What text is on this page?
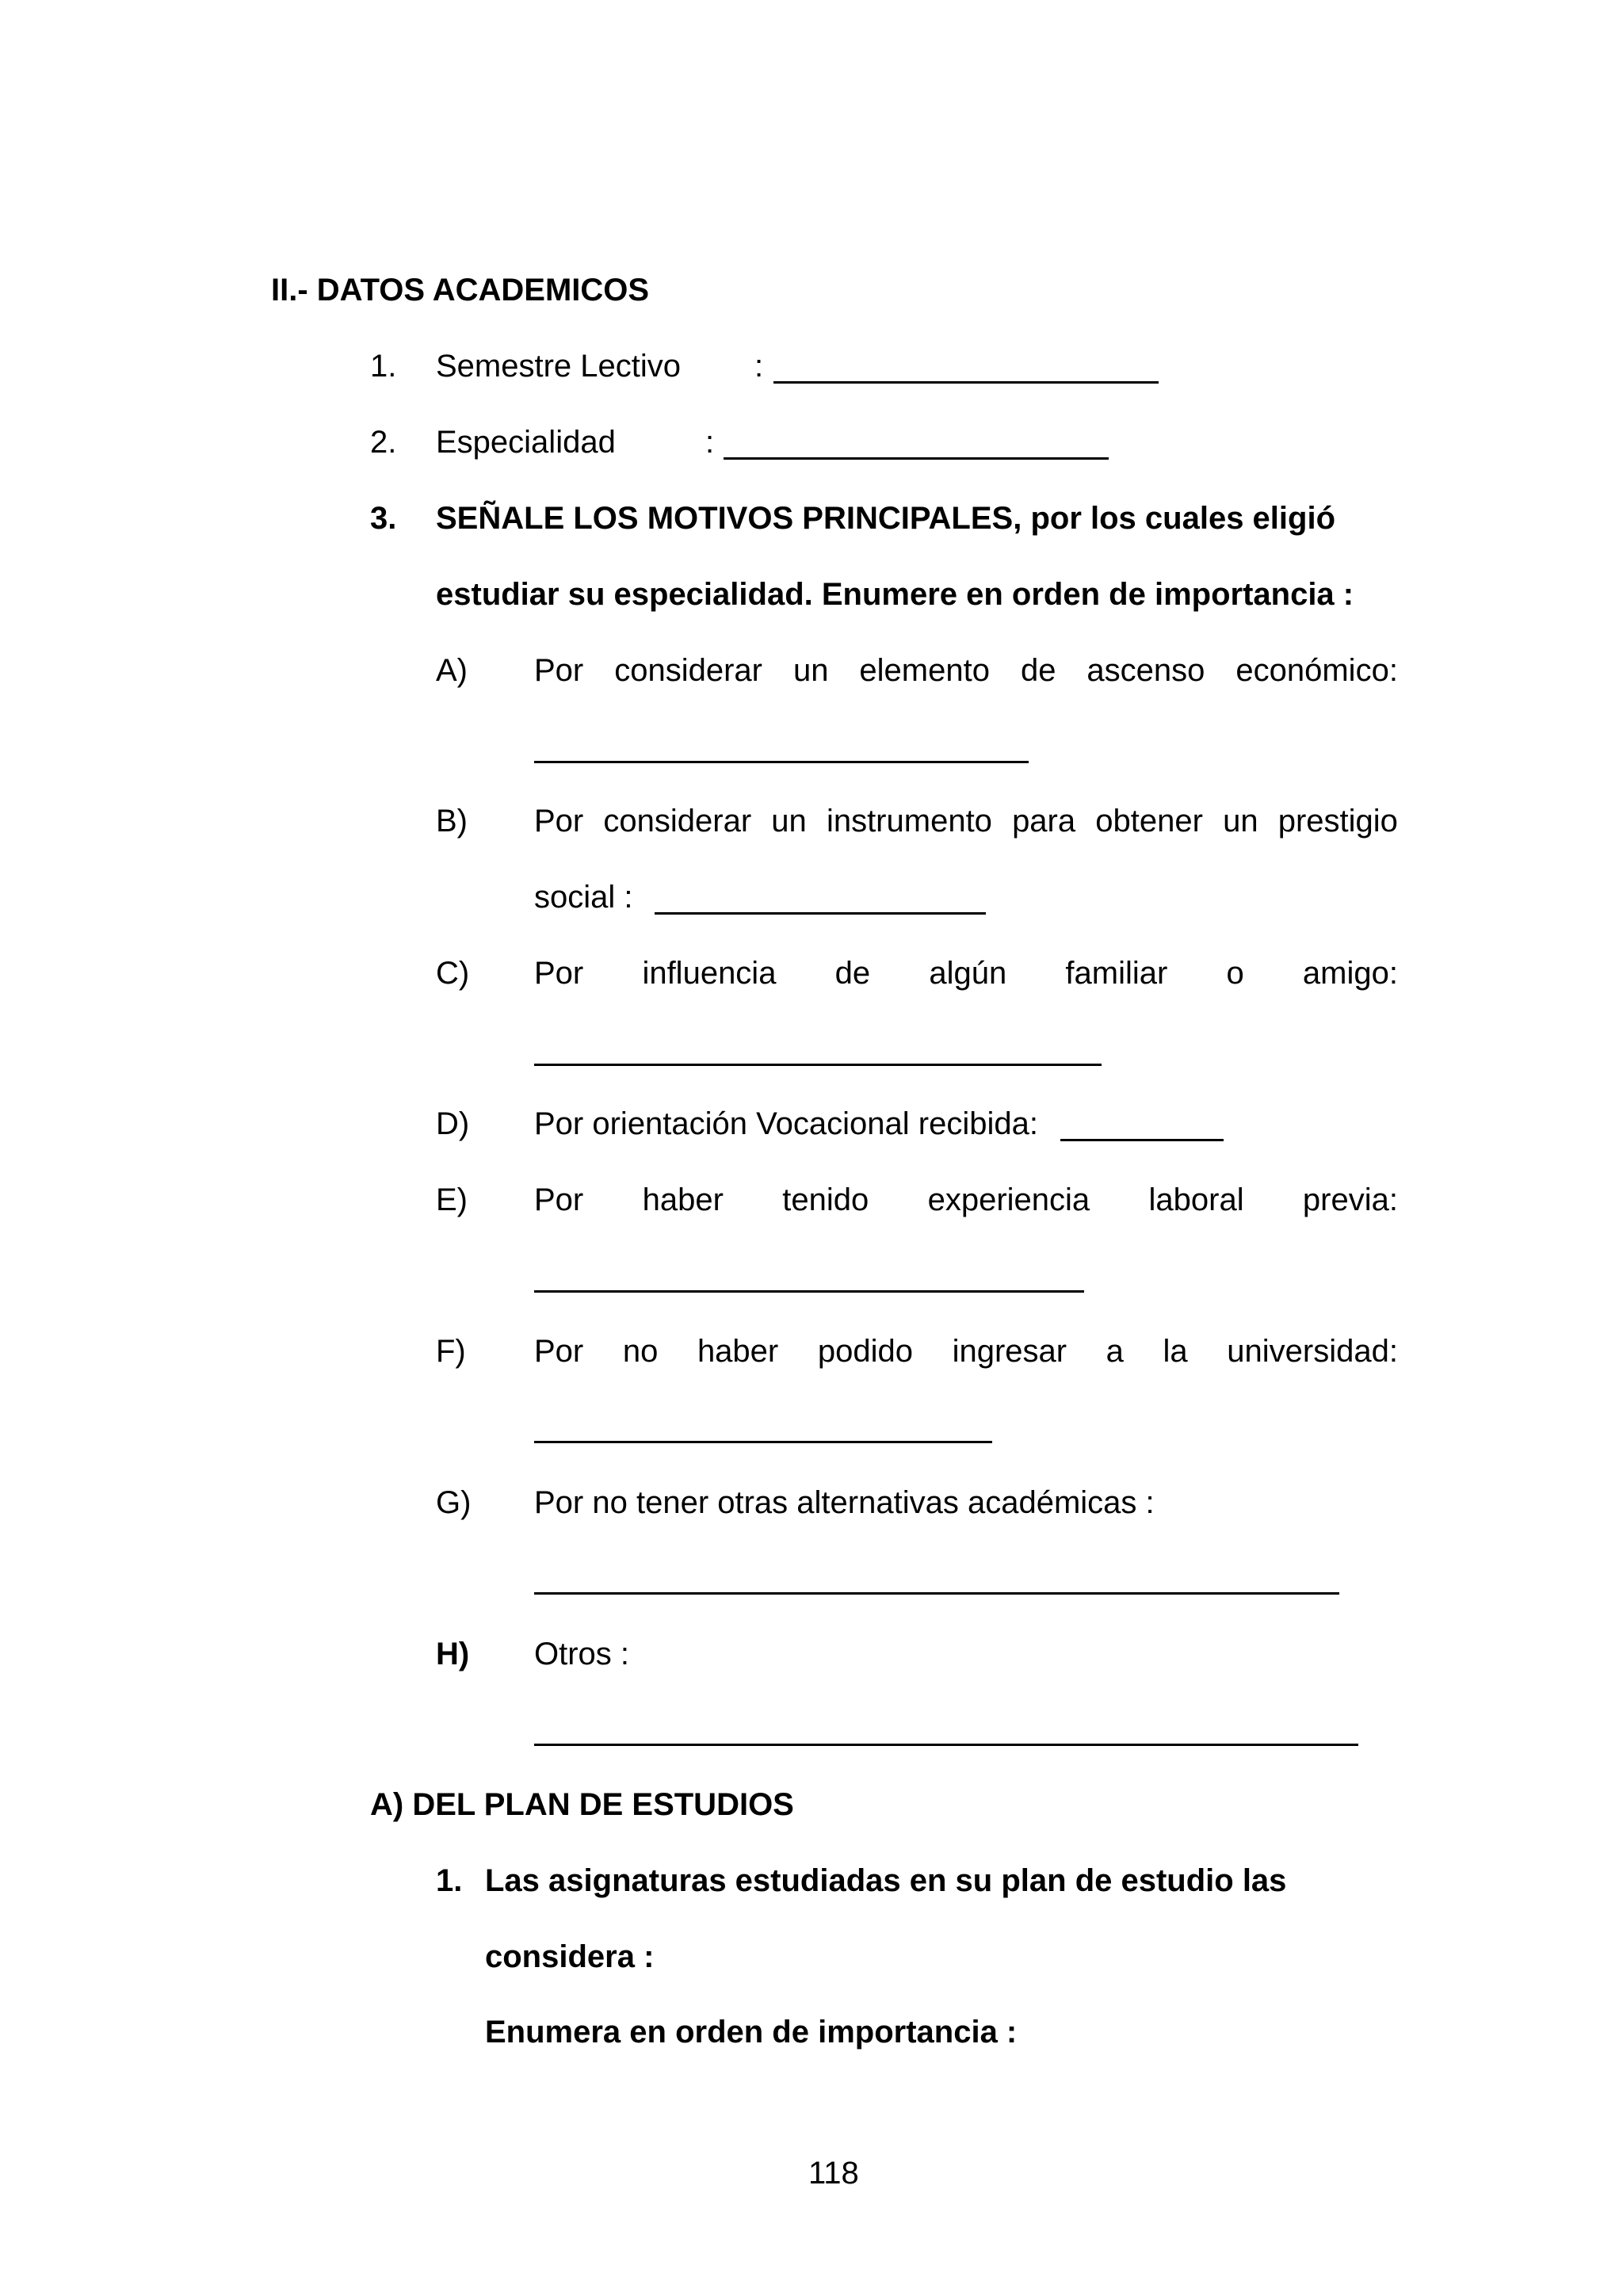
II.- DATOS ACADEMICOS
1. Semestre Lectivo :
2. Especialidad	:
3. SEÑALE LOS MOTIVOS PRINCIPALES, por los cuales eligió
estudiar su especialidad. Enumere en orden de importancia :
A) Por considerar un elemento de ascenso económico:
B) Por considerar un instrumento para obtener un prestigio
social :
C) Por influencia de algún familiar o amigo:
D) Por orientación Vocacional recibida:
E) Por haber tenido experiencia laboral previa:
F) Por no haber podido ingresar a la universidad:
G) Por no tener otras alternativas académicas :
H) Otros :
A) DEL PLAN DE ESTUDIOS
1. Las asignaturas estudiadas en su plan de estudio las
considera :
Enumera en orden de importancia :
118
